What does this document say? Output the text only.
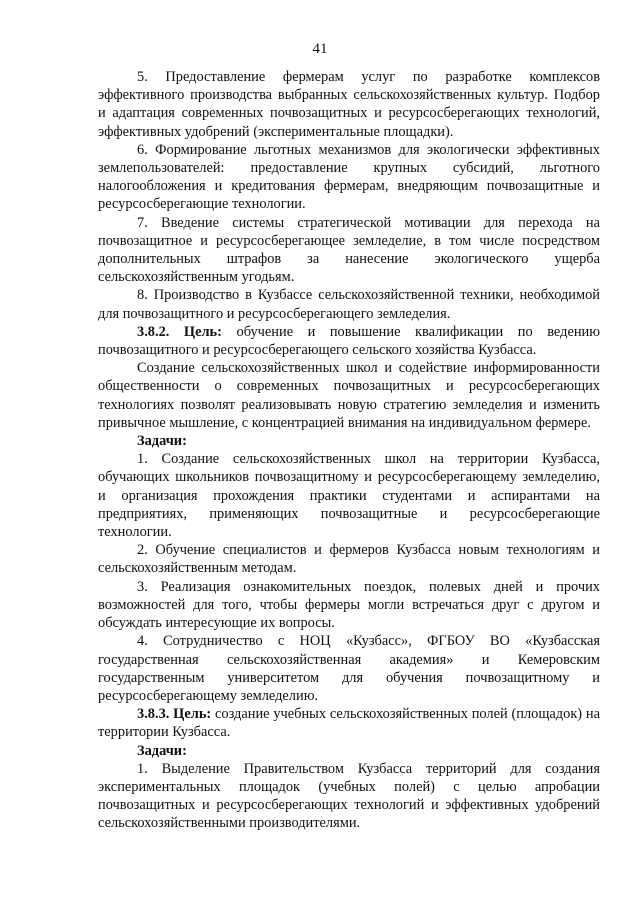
41

5. Предоставление фермерам услуг по разработке комплексов эффективного производства выбранных сельскохозяйственных культур. Подбор и адаптация современных почвозащитных и ресурсосберегающих технологий, эффективных удобрений (экспериментальные площадки).

6. Формирование льготных механизмов для экологически эффективных землепользователей: предоставление крупных субсидий, льготного налогообложения и кредитования фермерам, внедряющим почвозащитные и ресурсосберегающие технологии.

7. Введение системы стратегической мотивации для перехода на почвозащитное и ресурсосберегающее земледелие, в том числе посредством дополнительных штрафов за нанесение экологического ущерба сельскохозяйственным угодьям.

8. Производство в Кузбассе сельскохозяйственной техники, необходимой для почвозащитного и ресурсосберегающего земледелия.

3.8.2. Цель: обучение и повышение квалификации по ведению почвозащитного и ресурсосберегающего сельского хозяйства Кузбасса.

Создание сельскохозяйственных школ и содействие информированности общественности о современных почвозащитных и ресурсосберегающих технологиях позволят реализовывать новую стратегию земледелия и изменить привычное мышление, с концентрацией внимания на индивидуальном фермере.

Задачи:

1. Создание сельскохозяйственных школ на территории Кузбасса, обучающих школьников почвозащитному и ресурсосберегающему земледелию, и организация прохождения практики студентами и аспирантами на предприятиях, применяющих почвозащитные и ресурсосберегающие технологии.

2. Обучение специалистов и фермеров Кузбасса новым технологиям и сельскохозяйственным методам.

3. Реализация ознакомительных поездок, полевых дней и прочих возможностей для того, чтобы фермеры могли встречаться друг с другом и обсуждать интересующие их вопросы.

4. Сотрудничество с НОЦ «Кузбасс», ФГБОУ ВО «Кузбасская государственная сельскохозяйственная академия» и Кемеровским государственным университетом для обучения почвозащитному и ресурсосберегающему земледелию.

3.8.3. Цель: создание учебных сельскохозяйственных полей (площадок) на территории Кузбасса.

Задачи:

1. Выделение Правительством Кузбасса территорий для создания экспериментальных площадок (учебных полей) с целью апробации почвозащитных и ресурсосберегающих технологий и эффективных удобрений сельскохозяйственными производителями.
